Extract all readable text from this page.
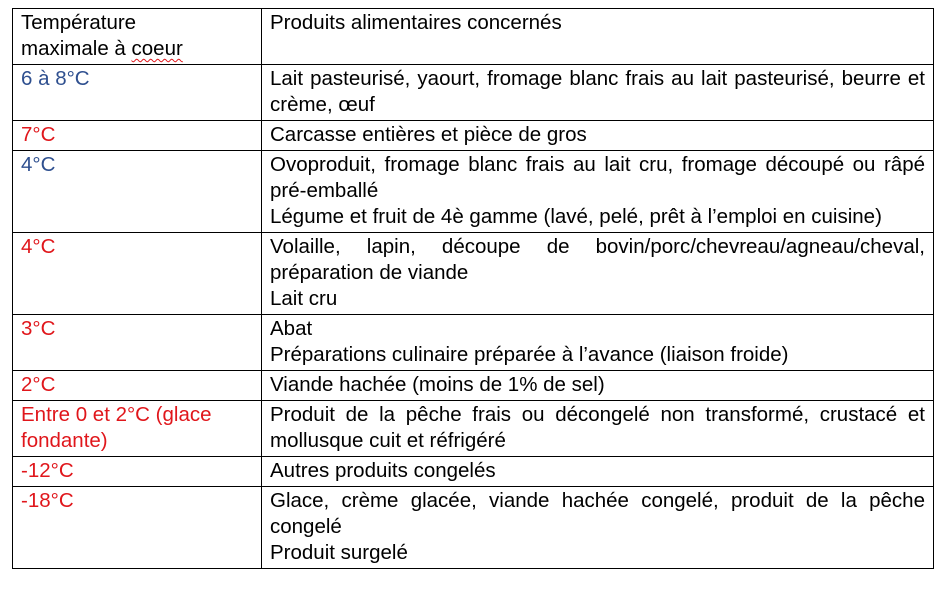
Température
maximale à coeur	Produits alimentaires concernés
6 à 8°C	Lait pasteurisé, yaourt, fromage blanc frais au lait pasteurisé, beurre et crème, œuf

7°C	Carcasse entières et pièce de gros

4°C	Ovoproduit, fromage blanc frais au lait cru, fromage découpé ou râpé pré-emballé

Légume et fruit de 4è gamme (lavé, pelé, prêt à l’emploi en cuisine)

4°C	Volaille, lapin, découpe de bovin/porc/chevreau/agneau/cheval, préparation de viande

Lait cru

3°C	Abat

Préparations culinaire préparée à l’avance (liaison froide)

2°C	Viande hachée (moins de 1% de sel)

Entre 0 et 2°C (glace fondante)	Produit de la pêche frais ou décongelé non transformé, crustacé et mollusque cuit et réfrigéré

-12°C	Autres produits congelés

-18°C	Glace, crème glacée, viande hachée congelé, produit de la pêche congelé

Produit surgelé
